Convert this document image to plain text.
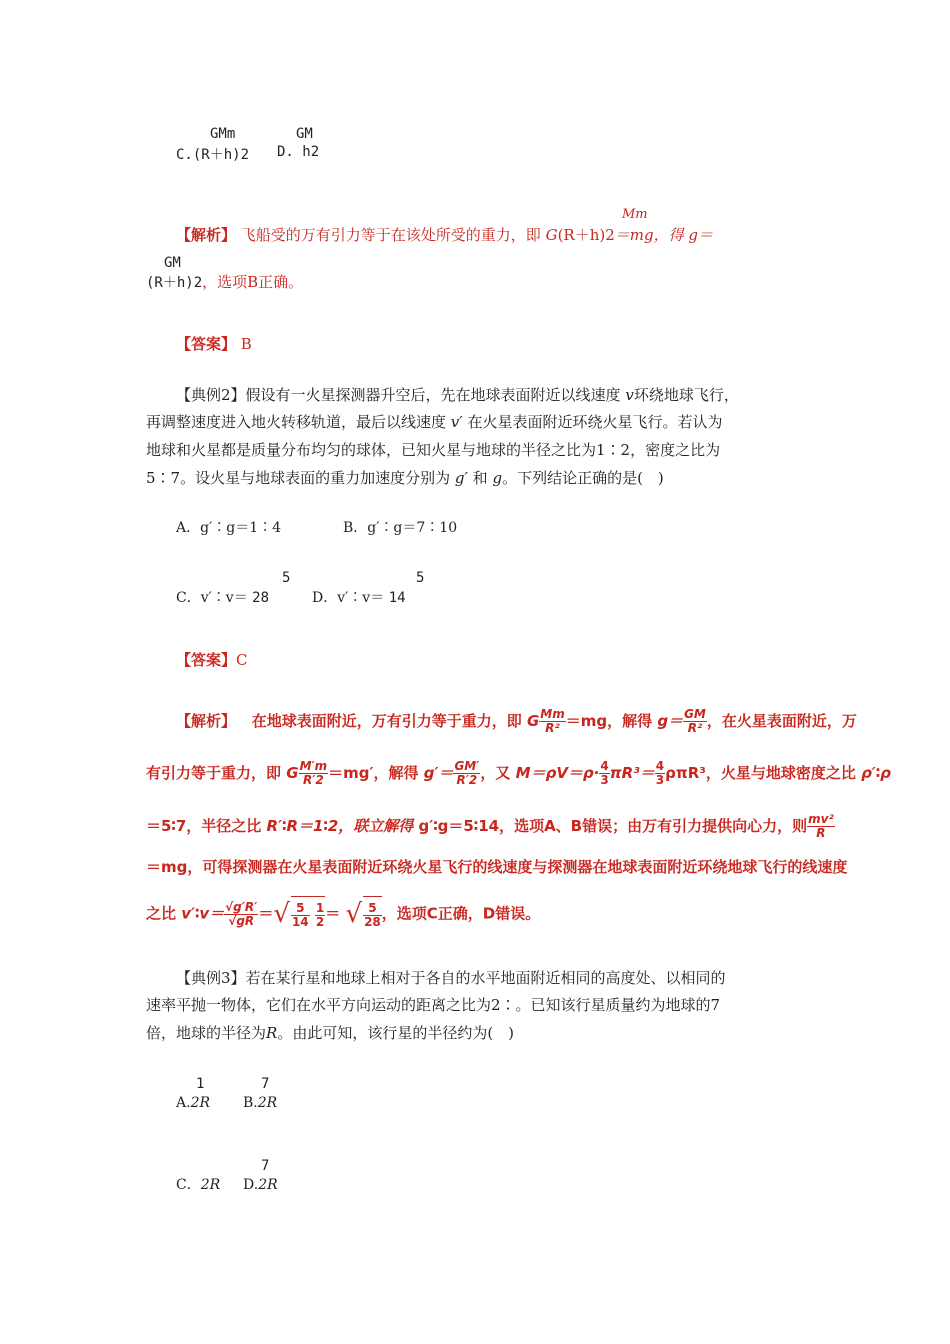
GMm
C.(R＋h)2
GM
D. h2
Mm
【解析】 飞船受的万有引力等于在该处所受的重力，即 G(R＋h)2＝mg，得 g＝
GM
(R＋h)2，选项B正确。
【答案】 B
【典例2】假设有一火星探测器升空后，先在地球表面附近以线速度 v环绕地球飞行，
再调整速度进入地火转移轨道，最后以线速度 v′ 在火星表面附近环绕火星飞行。若认为
地球和火星都是质量分布均匀的球体，已知火星与地球的半径之比为1∶2，密度之比为
5∶7。设火星与地球表面的重力加速度分别为 g′ 和 g。下列结论正确的是(　)
A．g′∶g＝1∶4	B．g′∶g＝7∶10
5
C．v′∶v＝ 28
5
D．v′∶v＝ 14
【答案】C
【解析】 在地球表面附近，万有引力等于重力，即 G $\frac{Mm}{\text{R²}} =mg$，解得 $g= \frac{GM}{\text{R²}}$ ，在火星表面附近，万
有引力等于重力，即 G $\frac{M'm}{R'2} =mg'$，解得 $g'= \frac{GM'}{R'2}$ ，又 $M=\rho V=\rho\cdot \frac{4}{3} \pi R^3= \frac{4}{3} \rho\pi R^3$，火星与地球密度之比 ρ′∶ρ
＝5∶7，半径之比 R′∶R＝1∶2，联立解得 g′∶g＝5∶14，选项A、B错误；由万有引力提供向心力，则 $\frac{\text{mv²}}{R}$
＝mg，可得探测器在火星表面附近环绕火星飞行的线速度与探测器在地球表面附近环绕地球飞行的线速度
之比 v′∶v＝ $\frac{√g'R'}{√gR}$ ＝√ $\frac{5}{14}$
$\frac{1}{2}$ ＝ √ $\frac{5}{28}$ ，选项C正确，D错误。
【典例3】若在某行星和地球上相对于各自的水平地面附近相同的高度处、以相同的
速率平抛一物体，它们在水平方向运动的距离之比为2∶。已知该行星质量约为地球的7
倍，地球的半径为R。由此可知，该行星的半径约为(　)
1
A.2R
7
B.2R
7
C．2R D.2R
